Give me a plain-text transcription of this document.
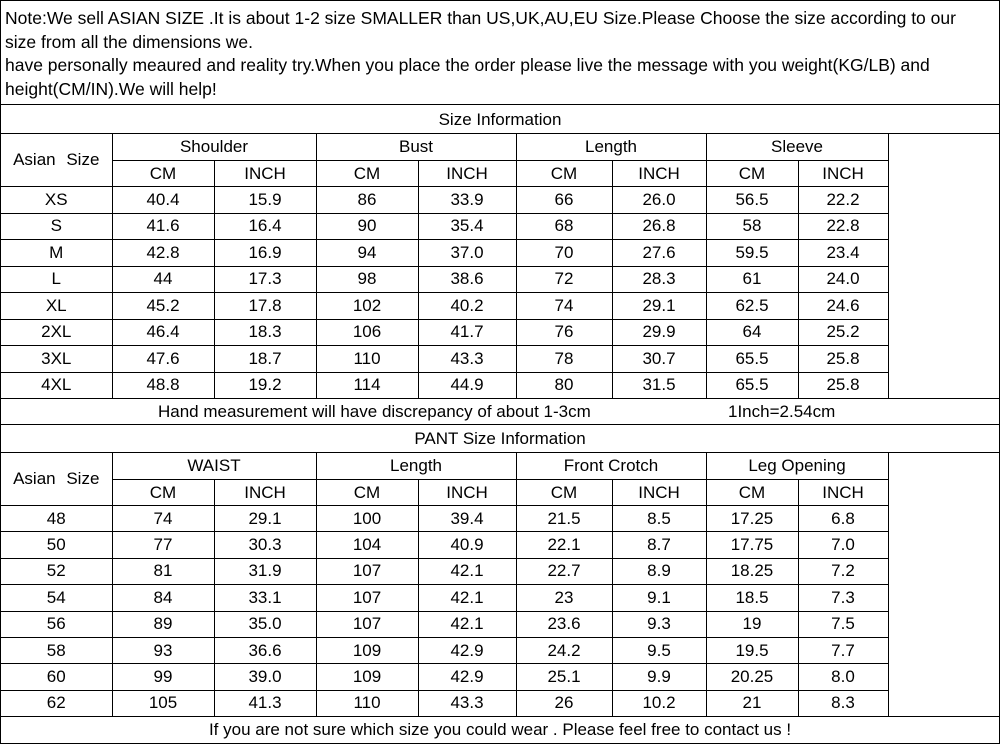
Note:We sell ASIAN SIZE .It is about 1-2 size SMALLER than US,UK,AU,EU Size.Please Choose the size according to our
size from all the dimensions we.
have personally meaured and reality try.When you place the order please live the message with you weight(KG/LB) and
height(CM/IN).We will help!
Size Information
Asian Size	Shoulder		Bust		Length		Sleeve		
	CM	INCH	CM	INCH	CM	INCH	CM	INCH	
XS	40.4	15.9	86	33.9	66	26.0	56.5	22.2	
S	41.6	16.4	90	35.4	68	26.8	58	22.8	
M	42.8	16.9	94	37.0	70	27.6	59.5	23.4	
L	44	17.3	98	38.6	72	28.3	61	24.0	
XL	45.2	17.8	102	40.2	74	29.1	62.5	24.6	
2XL	46.4	18.3	106	41.7	76	29.9	64	25.2	
3XL	47.6	18.7	110	43.3	78	30.7	65.5	25.8	
4XL	48.8	19.2	114	44.9	80	31.5	65.5	25.8	
Hand measurement will have discrepancy of about 1-3cm	1Inch=2.54cm
PANT Size Information
Asian Size	WAIST		Length		Front Crotch		Leg Opening		
	CM	INCH	CM	INCH	CM	INCH	CM	INCH	
48	74	29.1	100	39.4	21.5	8.5	17.25	6.8	
50	77	30.3	104	40.9	22.1	8.7	17.75	7.0	
52	81	31.9	107	42.1	22.7	8.9	18.25	7.2	
54	84	33.1	107	42.1	23	9.1	18.5	7.3	
56	89	35.0	107	42.1	23.6	9.3	19	7.5	
58	93	36.6	109	42.9	24.2	9.5	19.5	7.7	
60	99	39.0	109	42.9	25.1	9.9	20.25	8.0	
62	105	41.3	110	43.3	26	10.2	21	8.3	
If you are not sure which size you could wear . Please feel free to contact us !
